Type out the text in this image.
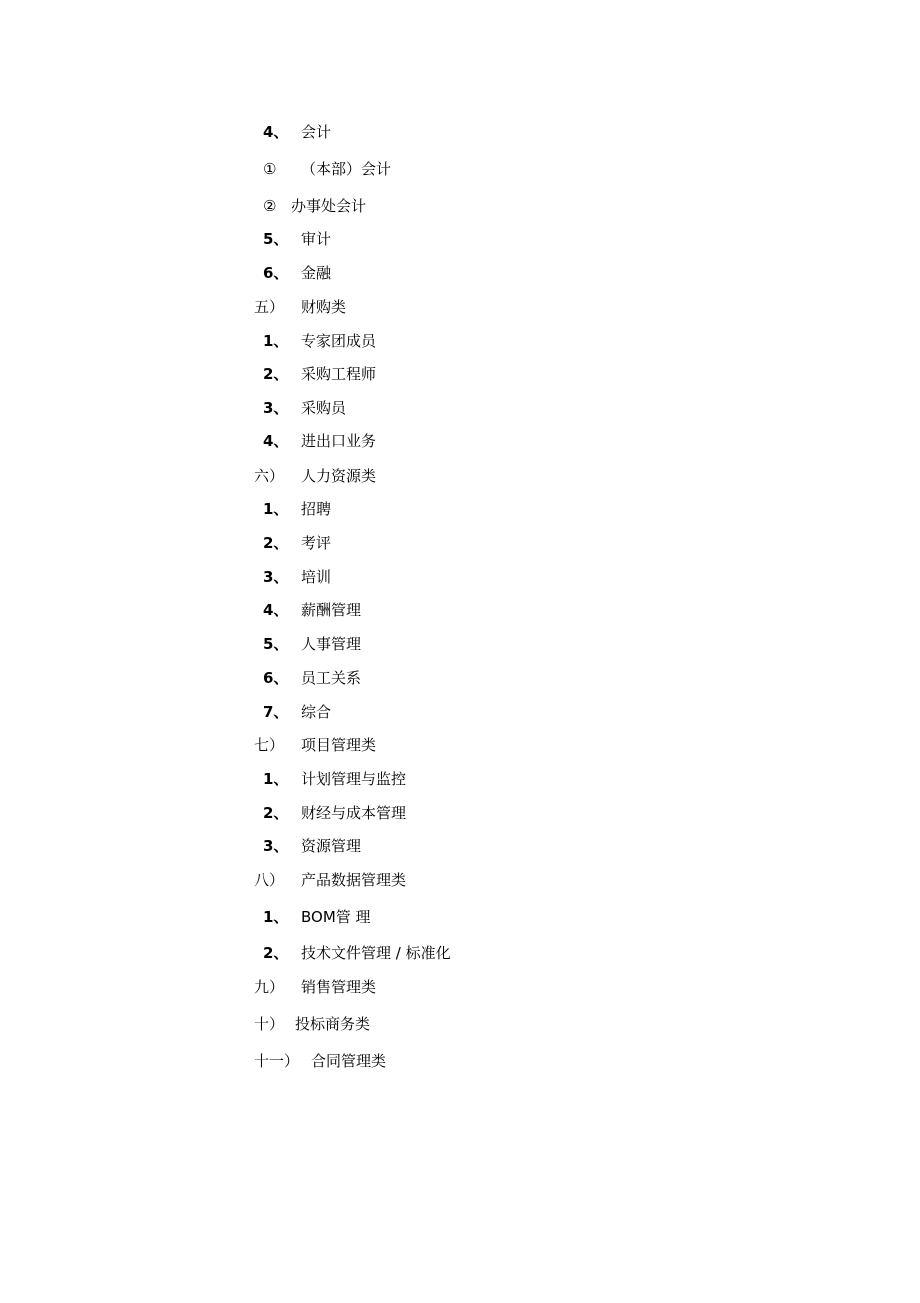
4、 会计
① （本部）会计
② 办事处会计
5、 审计
6、 金融
五） 财购类
1、 专家团成员
2、 采购工程师
3、 采购员
4、 进出口业务
六） 人力资源类
1、 招聘
2、 考评
3、 培训
4、 薪酬管理
5、 人事管理
6、 员工关系
7、 综合
七） 项目管理类
1、 计划管理与监控
2、 财经与成本管理
3、 资源管理
八） 产品数据管理类
1、 BOM管 理
2、 技术文件管理 / 标准化
九） 销售管理类
十） 投标商务类
十一） 合同管理类
